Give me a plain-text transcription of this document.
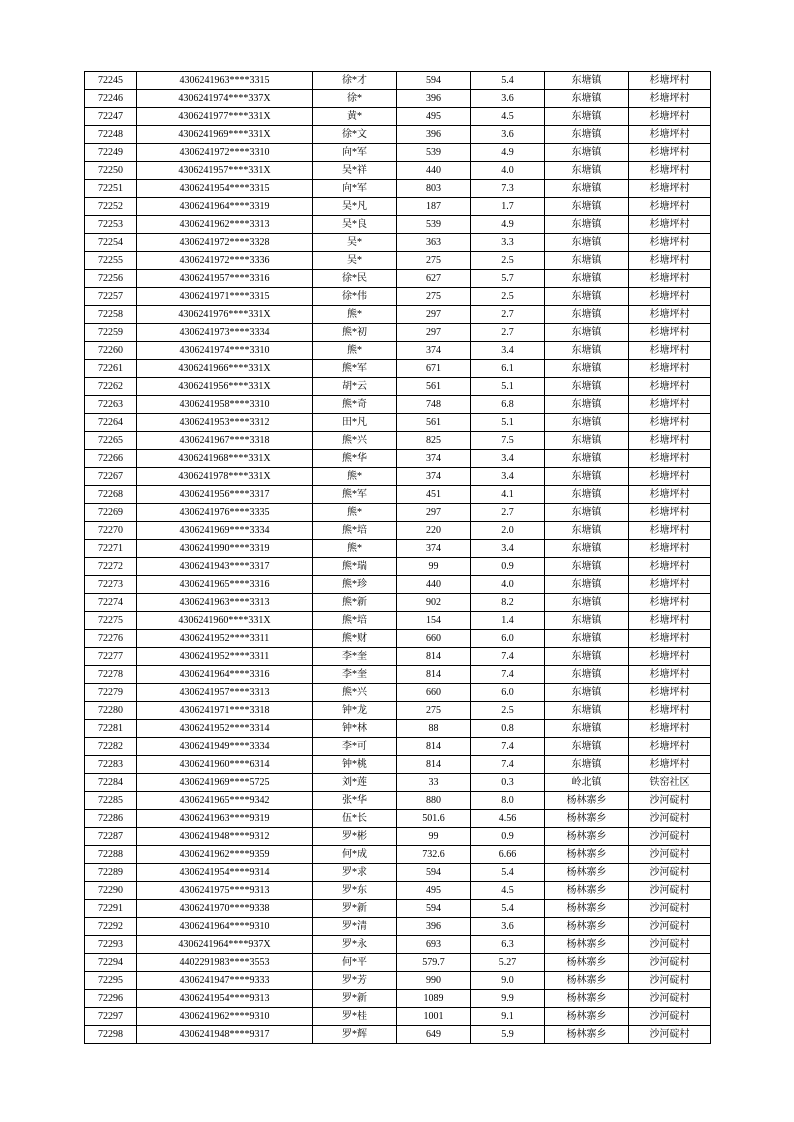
72245	4306241963****3315	徐*才	594	5.4	东塘镇	杉塘坪村
72246	4306241974****337X	徐*	396	3.6	东塘镇	杉塘坪村
72247	4306241977****331X	黄*	495	4.5	东塘镇	杉塘坪村
72248	4306241969****331X	徐*文	396	3.6	东塘镇	杉塘坪村
72249	4306241972****3310	向*军	539	4.9	东塘镇	杉塘坪村
72250	4306241957****331X	吴*祥	440	4.0	东塘镇	杉塘坪村
72251	4306241954****3315	向*军	803	7.3	东塘镇	杉塘坪村
72252	4306241964****3319	吴*凡	187	1.7	东塘镇	杉塘坪村
72253	4306241962****3313	吴*良	539	4.9	东塘镇	杉塘坪村
72254	4306241972****3328	吴*	363	3.3	东塘镇	杉塘坪村
72255	4306241972****3336	吴*	275	2.5	东塘镇	杉塘坪村
72256	4306241957****3316	徐*民	627	5.7	东塘镇	杉塘坪村
72257	4306241971****3315	徐*伟	275	2.5	东塘镇	杉塘坪村
72258	4306241976****331X	熊*	297	2.7	东塘镇	杉塘坪村
72259	4306241973****3334	熊*初	297	2.7	东塘镇	杉塘坪村
72260	4306241974****3310	熊*	374	3.4	东塘镇	杉塘坪村
72261	4306241966****331X	熊*军	671	6.1	东塘镇	杉塘坪村
72262	4306241956****331X	胡*云	561	5.1	东塘镇	杉塘坪村
72263	4306241958****3310	熊*奇	748	6.8	东塘镇	杉塘坪村
72264	4306241953****3312	田*凡	561	5.1	东塘镇	杉塘坪村
72265	4306241967****3318	熊*兴	825	7.5	东塘镇	杉塘坪村
72266	4306241968****331X	熊*华	374	3.4	东塘镇	杉塘坪村
72267	4306241978****331X	熊*	374	3.4	东塘镇	杉塘坪村
72268	4306241956****3317	熊*军	451	4.1	东塘镇	杉塘坪村
72269	4306241976****3335	熊*	297	2.7	东塘镇	杉塘坪村
72270	4306241969****3334	熊*培	220	2.0	东塘镇	杉塘坪村
72271	4306241990****3319	熊*	374	3.4	东塘镇	杉塘坪村
72272	4306241943****3317	熊*瑞	99	0.9	东塘镇	杉塘坪村
72273	4306241965****3316	熊*珍	440	4.0	东塘镇	杉塘坪村
72274	4306241963****3313	熊*新	902	8.2	东塘镇	杉塘坪村
72275	4306241960****331X	熊*培	154	1.4	东塘镇	杉塘坪村
72276	4306241952****3311	熊*财	660	6.0	东塘镇	杉塘坪村
72277	4306241952****3311	李*奎	814	7.4	东塘镇	杉塘坪村
72278	4306241964****3316	李*奎	814	7.4	东塘镇	杉塘坪村
72279	4306241957****3313	熊*兴	660	6.0	东塘镇	杉塘坪村
72280	4306241971****3318	钟*龙	275	2.5	东塘镇	杉塘坪村
72281	4306241952****3314	钟*林	88	0.8	东塘镇	杉塘坪村
72282	4306241949****3334	李*可	814	7.4	东塘镇	杉塘坪村
72283	4306241960****6314	钟*桃	814	7.4	东塘镇	杉塘坪村
72284	4306241969****5725	刘*莲	33	0.3	岭北镇	铁窑社区
72285	4306241965****9342	张*华	880	8.0	杨林寨乡	沙河碇村
72286	4306241963****9319	伍*长	501.6	4.56	杨林寨乡	沙河碇村
72287	4306241948****9312	罗*彬	99	0.9	杨林寨乡	沙河碇村
72288	4306241962****9359	何*成	732.6	6.66	杨林寨乡	沙河碇村
72289	4306241954****9314	罗*求	594	5.4	杨林寨乡	沙河碇村
72290	4306241975****9313	罗*东	495	4.5	杨林寨乡	沙河碇村
72291	4306241970****9338	罗*新	594	5.4	杨林寨乡	沙河碇村
72292	4306241964****9310	罗*清	396	3.6	杨林寨乡	沙河碇村
72293	4306241964****937X	罗*永	693	6.3	杨林寨乡	沙河碇村
72294	4402291983****3553	何*平	579.7	5.27	杨林寨乡	沙河碇村
72295	4306241947****9333	罗*芳	990	9.0	杨林寨乡	沙河碇村
72296	4306241954****9313	罗*新	1089	9.9	杨林寨乡	沙河碇村
72297	4306241962****9310	罗*桂	1001	9.1	杨林寨乡	沙河碇村
72298	4306241948****9317	罗*辉	649	5.9	杨林寨乡	沙河碇村
